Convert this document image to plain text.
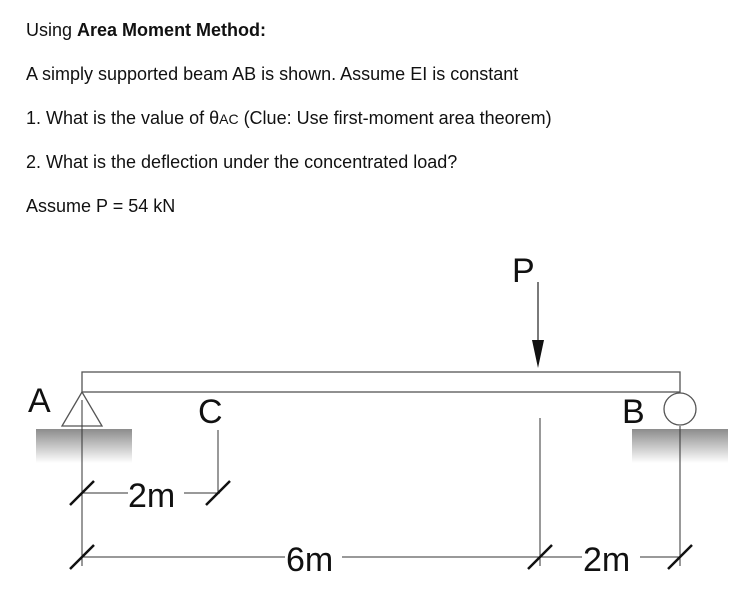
Using Area Moment Method:
A simply supported beam AB is shown. Assume EI is constant
1. What is the value of θAC (Clue: Use first-moment area theorem)
2. What is the deflection under the concentrated load?
Assume P = 54 kN
P
A	C	B
2m
6m	2m
